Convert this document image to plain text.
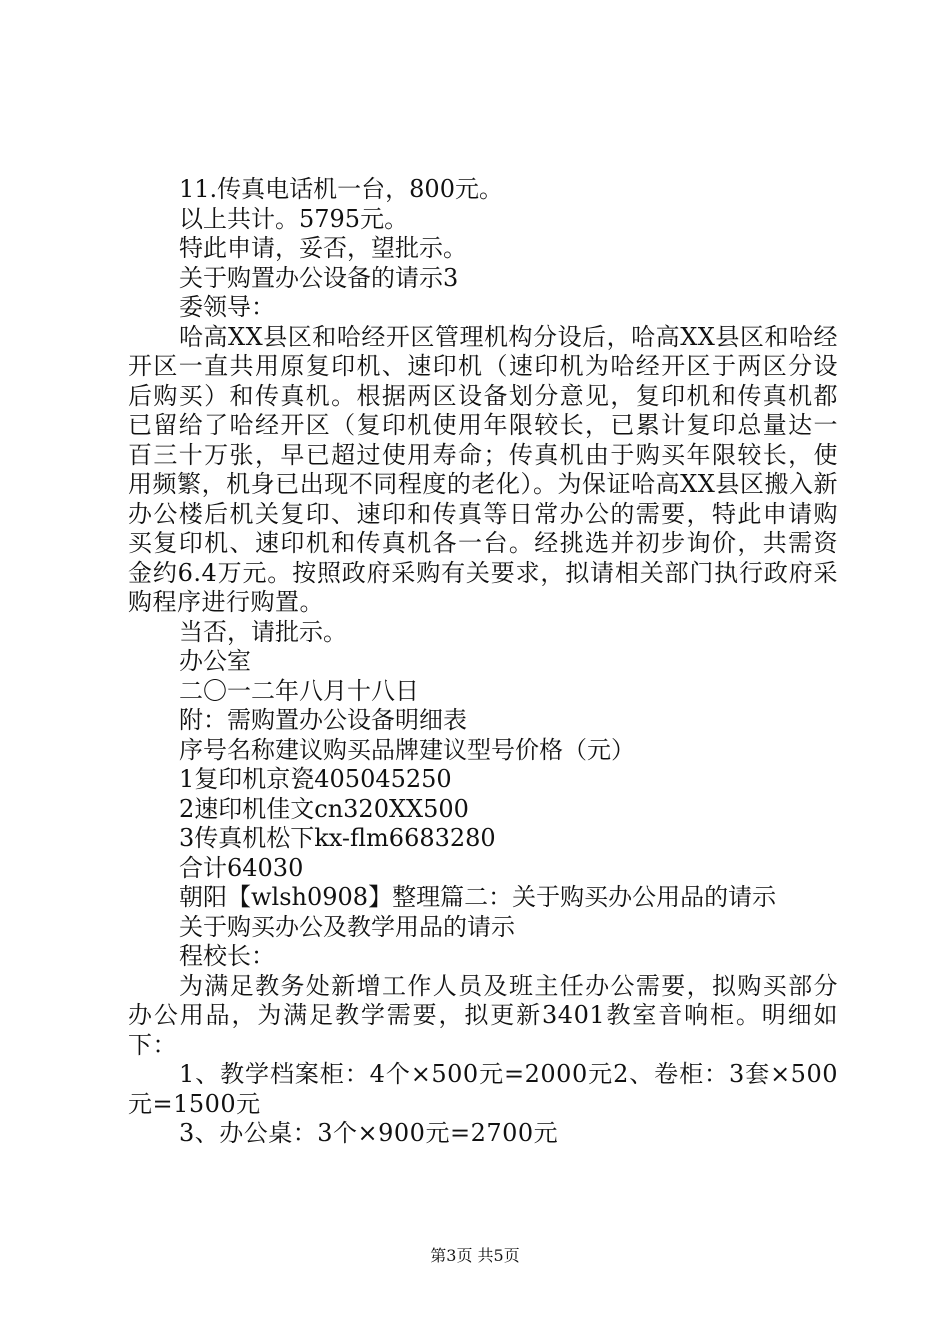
11.传真电话机一台，800元。
以上共计。5795元。
特此申请，妥否，望批示。
关于购置办公设备的请示3
委领导：
哈高XX县区和哈经开区管理机构分设后，哈高XX县区和哈经开区一直共用原复印机、速印机（速印机为哈经开区于两区分设后购买）和传真机。根据两区设备划分意见，复印机和传真机都已留给了哈经开区（复印机使用年限较长，已累计复印总量达一百三十万张，早已超过使用寿命；传真机由于购买年限较长，使用频繁，机身已出现不同程度的老化）。为保证哈高XX县区搬入新办公楼后机关复印、速印和传真等日常办公的需要，特此申请购买复印机、速印机和传真机各一台。经挑选并初步询价，共需资金约6.4万元。按照政府采购有关要求，拟请相关部门执行政府采购程序进行购置。
当否，请批示。
办公室
二〇一二年八月十八日
附：需购置办公设备明细表
序号名称建议购买品牌建议型号价格（元）
1复印机京瓷405045250
2速印机佳文cn320XX500
3传真机松下kx-flm6683280
合计64030
朝阳【wlsh0908】整理篇二：关于购买办公用品的请示
关于购买办公及教学用品的请示
程校长：
为满足教务处新增工作人员及班主任办公需要，拟购买部分办公用品，为满足教学需要，拟更新3401教室音响柜。明细如下：
1、教学档案柜：4个×500元=2000元2、卷柜：3套×500元=1500元
3、办公桌：3个×900元=2700元
第3页 共5页
